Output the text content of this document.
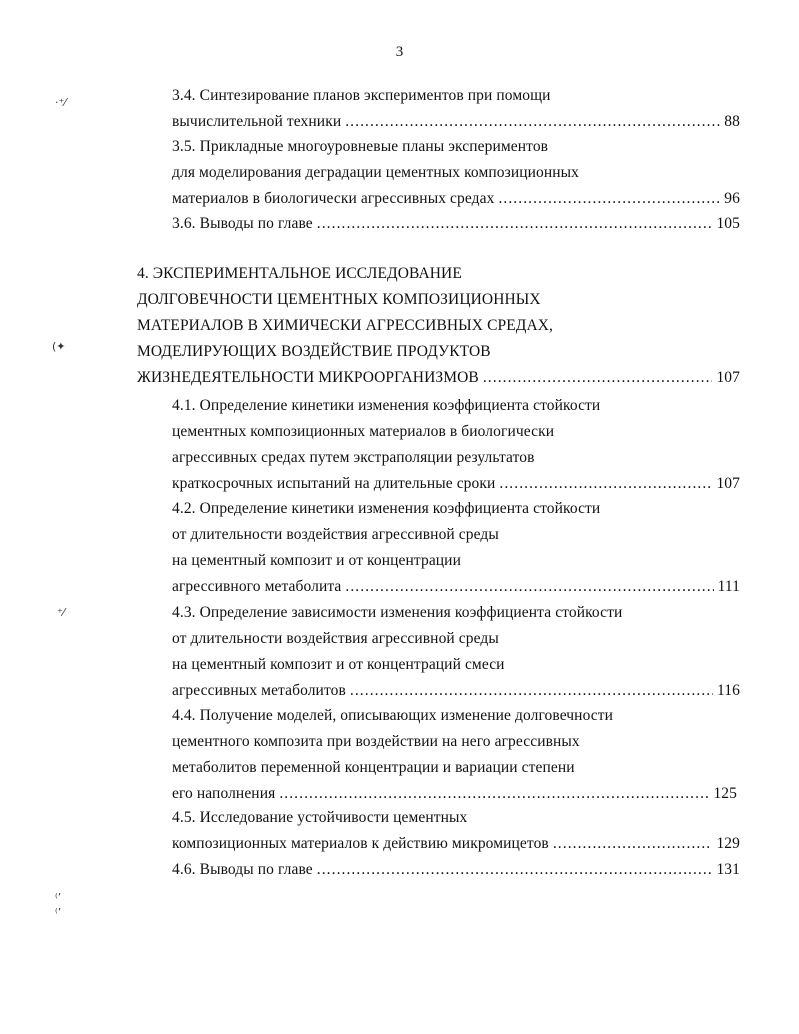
3
·⁺⁄
(✦
⁺⁄
⁽ʼ
⁽ʼ
3.4. Синтезирование планов экспериментов при помощи
вычислительной техники . . .	88
3.5. Прикладные многоуровневые планы экспериментов
для моделирования деградации цементных композиционных
материалов в биологически агрессивных средах . . .	96
3.6. Выводы по главе . . .	105
4. ЭКСПЕРИМЕНТАЛЬНОЕ ИССЛЕДОВАНИЕ
ДОЛГОВЕЧНОСТИ ЦЕМЕНТНЫХ КОМПОЗИЦИОННЫХ
МАТЕРИАЛОВ В ХИМИЧЕСКИ АГРЕССИВНЫХ СРЕДАХ,
МОДЕЛИРУЮЩИХ ВОЗДЕЙСТВИЕ ПРОДУКТОВ
ЖИЗНЕДЕЯТЕЛЬНОСТИ МИКРООРГАНИЗМОВ . . .	107
4.1. Определение кинетики изменения коэффициента стойкости
цементных композиционных материалов в биологически
агрессивных средах путем экстраполяции результатов
краткосрочных испытаний на длительные сроки . . .	107
4.2. Определение кинетики изменения коэффициента стойкости
от длительности воздействия агрессивной среды
на цементный композит и от концентрации
агрессивного метаболита . . .	111
4.3. Определение зависимости изменения коэффициента стойкости
от длительности воздействия агрессивной среды
на цементный композит и от концентраций смеси
агрессивных метаболитов . . .	116
4.4. Получение моделей, описывающих изменение долговечности
цементного композита при воздействии на него агрессивных
метаболитов переменной концентрации и вариации степени
его наполнения . . .	125
4.5. Исследование устойчивости цементных
композиционных материалов к действию микромицетов . . .	129
4.6. Выводы по главе . . .	131
